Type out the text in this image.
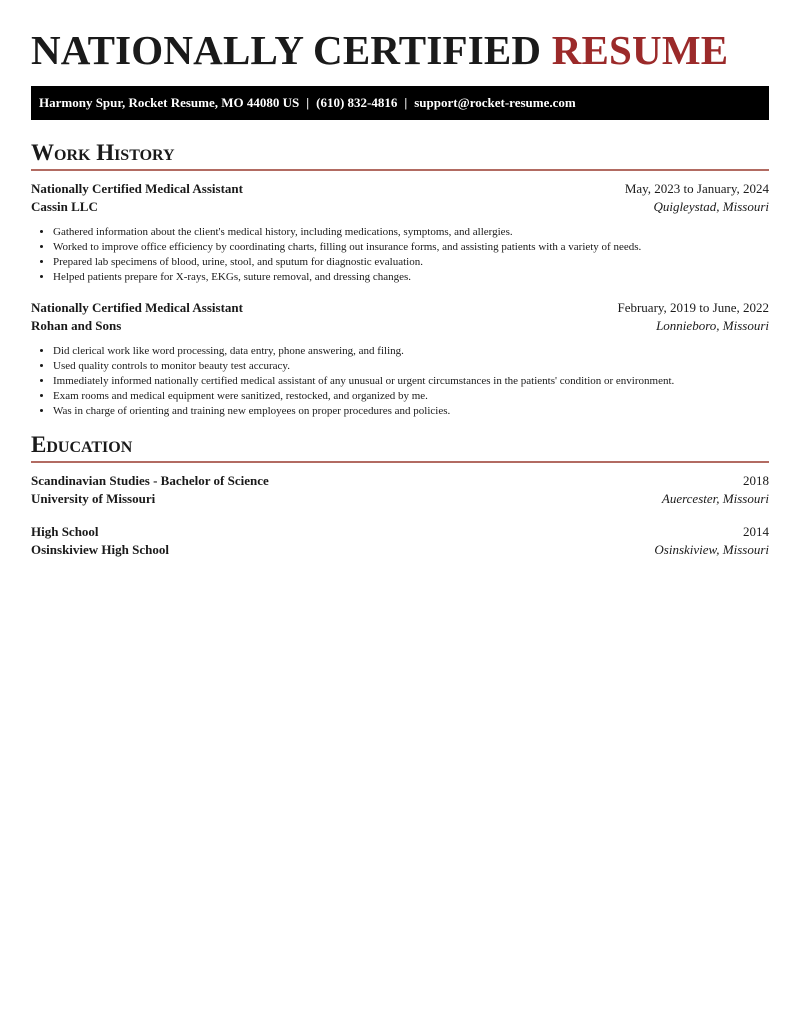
NATIONALLY CERTIFIED RESUME
Harmony Spur, Rocket Resume, MO 44080 US | (610) 832-4816 | support@rocket-resume.com
Work History
Nationally Certified Medical Assistant	May, 2023 to January, 2024
Cassin LLC	Quigleystad, Missouri
• Gathered information about the client's medical history, including medications, symptoms, and allergies.
• Worked to improve office efficiency by coordinating charts, filling out insurance forms, and assisting patients with a variety of needs.
• Prepared lab specimens of blood, urine, stool, and sputum for diagnostic evaluation.
• Helped patients prepare for X-rays, EKGs, suture removal, and dressing changes.
Nationally Certified Medical Assistant	February, 2019 to June, 2022
Rohan and Sons	Lonnieboro, Missouri
• Did clerical work like word processing, data entry, phone answering, and filing.
• Used quality controls to monitor beauty test accuracy.
• Immediately informed nationally certified medical assistant of any unusual or urgent circumstances in the patients' condition or environment.
• Exam rooms and medical equipment were sanitized, restocked, and organized by me.
• Was in charge of orienting and training new employees on proper procedures and policies.
Education
Scandinavian Studies - Bachelor of Science	2018
University of Missouri	Auercester, Missouri
High School	2014
Osinskiview High School	Osinskiview, Missouri
